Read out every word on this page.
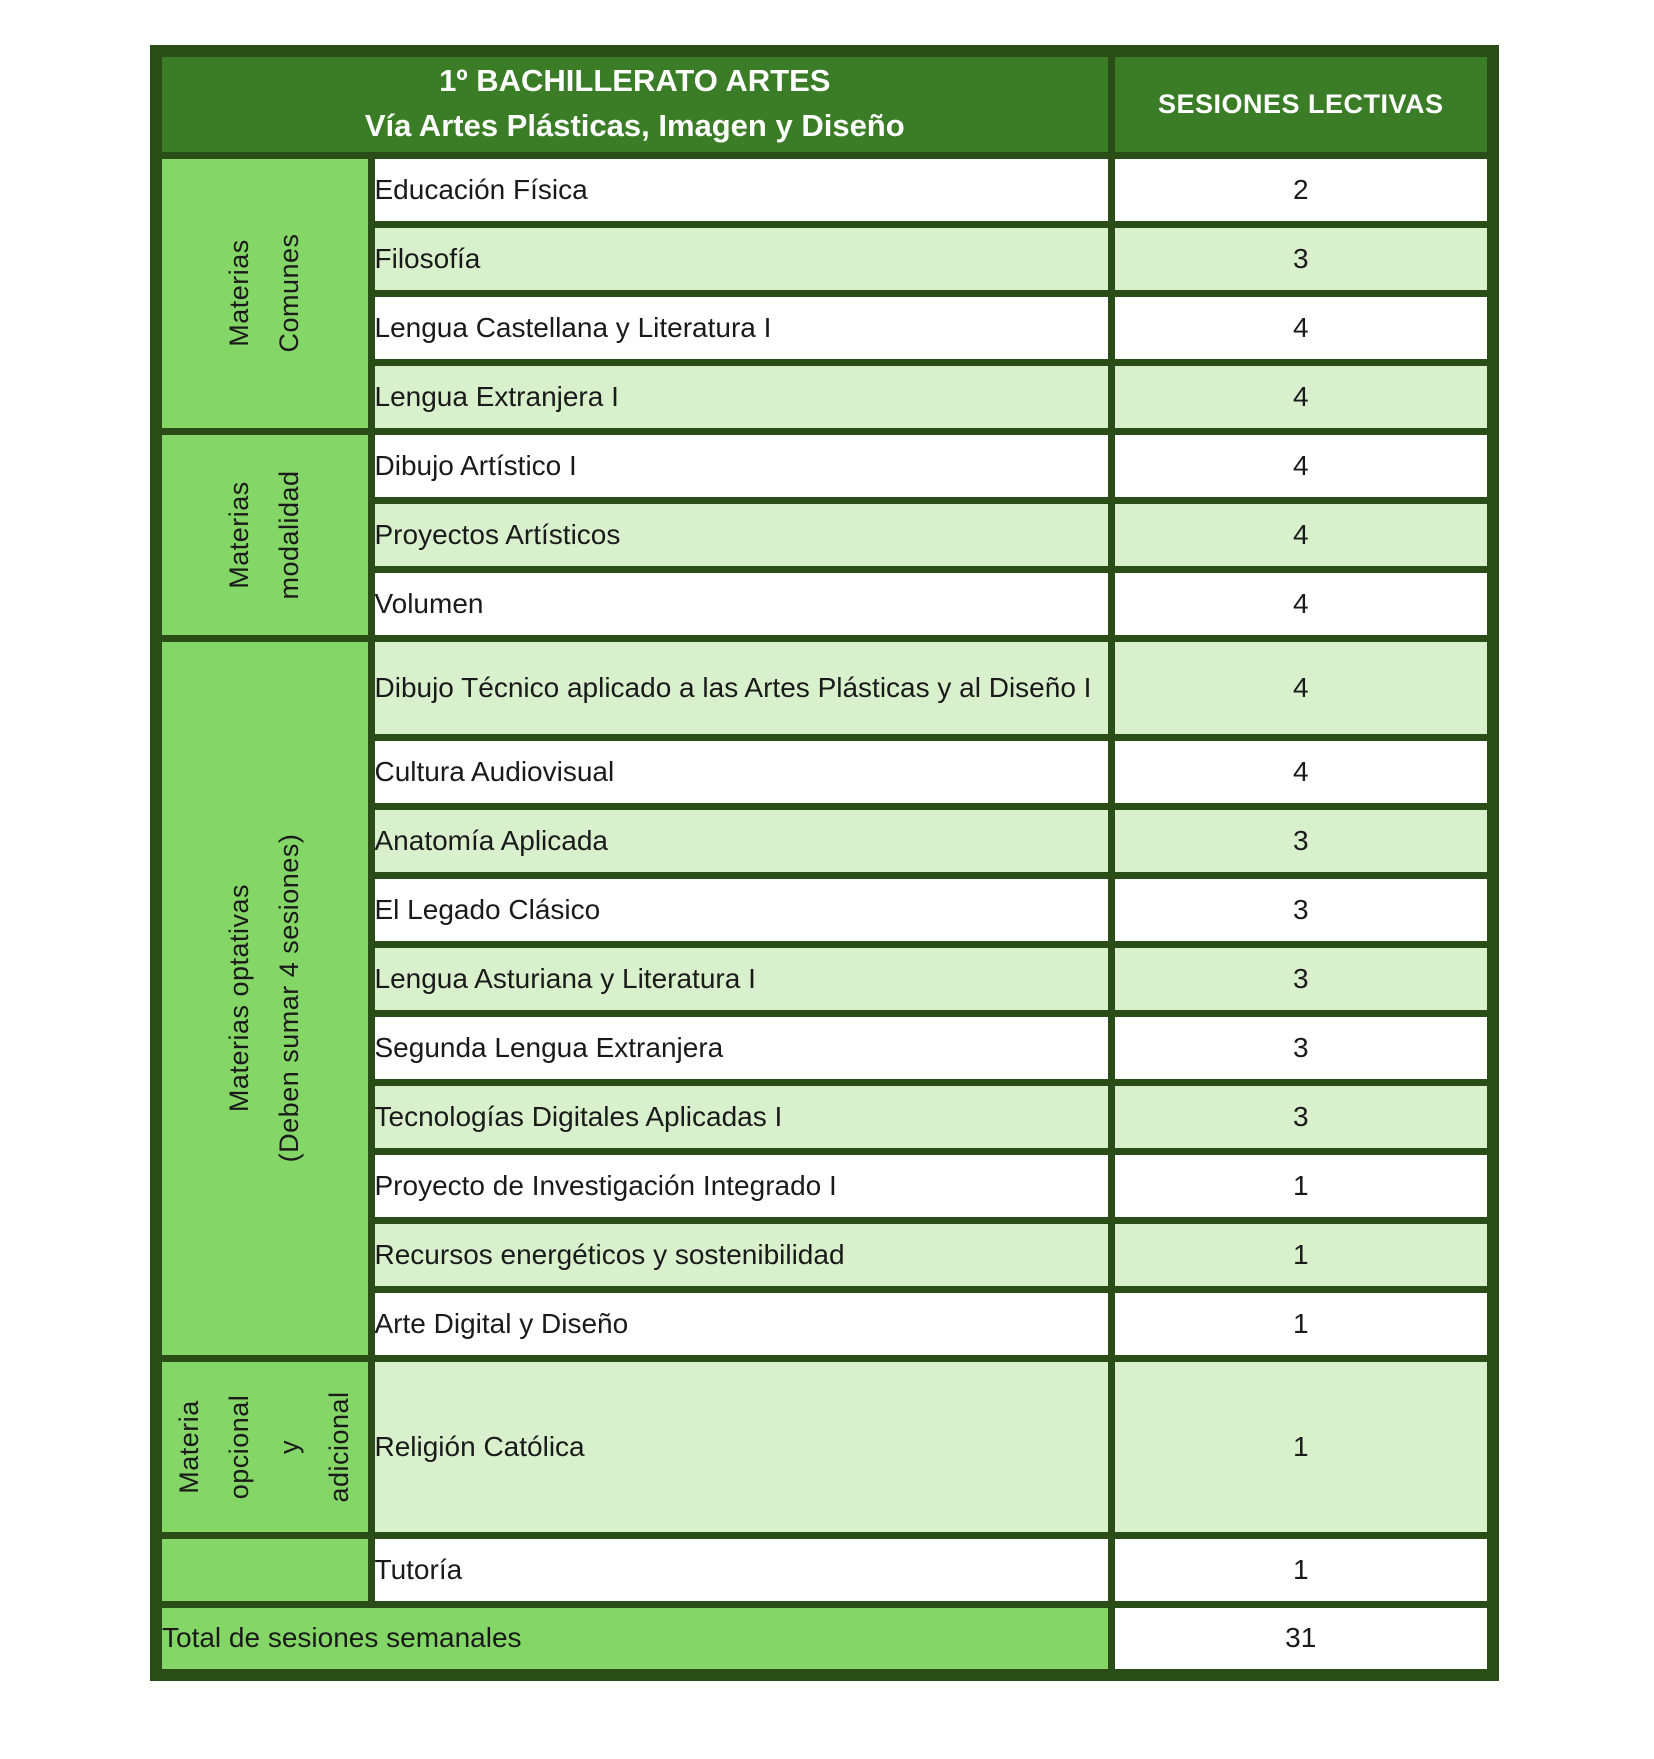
1º BACHILLERATO ARTES
Vía Artes Plásticas, Imagen y Diseño		SESIONES LECTIVAS

Materias Comunes	Educación Física	2
	Filosofía	3
	Lengua Castellana y Literatura I	4
	Lengua Extranjera I	4

Materias modalidad	Dibujo Artístico I	4
	Proyectos Artísticos	4
	Volumen	4

Materias optativas (Deben sumar 4 sesiones)	Dibujo Técnico aplicado a las Artes Plásticas y al Diseño I	4
	Cultura Audiovisual	4
	Anatomía Aplicada	3
	El Legado Clásico	3
	Lengua Asturiana y Literatura I	3
	Segunda Lengua Extranjera	3
	Tecnologías Digitales Aplicadas I	3
	Proyecto de Investigación Integrado I	1
	Recursos energéticos y sostenibilidad	1
	Arte Digital y Diseño	1

Materia opcional y adicional	Religión Católica	1
	Tutoría	1
Total de sesiones semanales		31
